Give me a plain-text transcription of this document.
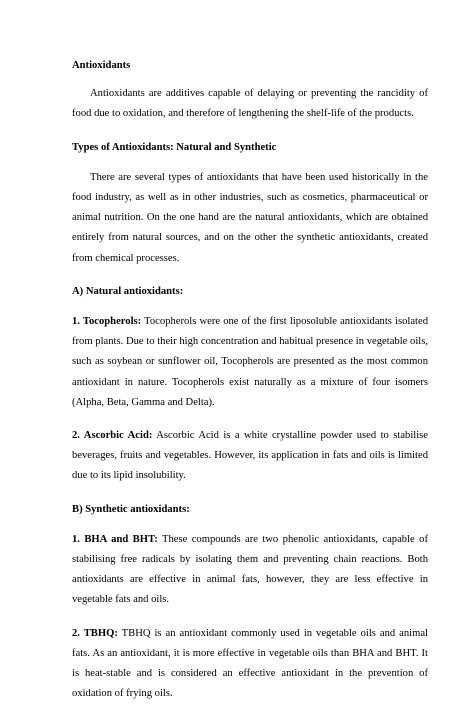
Antioxidants

Antioxidants are additives capable of delaying or preventing the rancidity of food due to oxidation, and therefore of lengthening the shelf-life of the products.

Types of Antioxidants: Natural and Synthetic

There are several types of antioxidants that have been used historically in the food industry, as well as in other industries, such as cosmetics, pharmaceutical or animal nutrition. On the one hand are the natural antioxidants, which are obtained entirely from natural sources, and on the other the synthetic antioxidants, created from chemical processes.

A) Natural antioxidants:

1. Tocopherols: Tocopherols were one of the first liposoluble antioxidants isolated from plants. Due to their high concentration and habitual presence in vegetable oils, such as soybean or sunflower oil, Tocopherols are presented as the most common antioxidant in nature. Tocopherols exist naturally as a mixture of four isomers (Alpha, Beta, Gamma and Delta).

2. Ascorbic Acid: Ascorbic Acid is a white crystalline powder used to stabilise beverages, fruits and vegetables. However, its application in fats and oils is limited due to its lipid insolubility.

B) Synthetic antioxidants:

1. BHA and BHT: These compounds are two phenolic antioxidants, capable of stabilising free radicals by isolating them and preventing chain reactions. Both antioxidants are effective in animal fats, however, they are less effective in vegetable fats and oils.

2. TBHQ: TBHQ is an antioxidant commonly used in vegetable oils and animal fats. As an antioxidant, it is more effective in vegetable oils than BHA and BHT. It is heat-stable and is considered an effective antioxidant in the prevention of oxidation of frying oils.
